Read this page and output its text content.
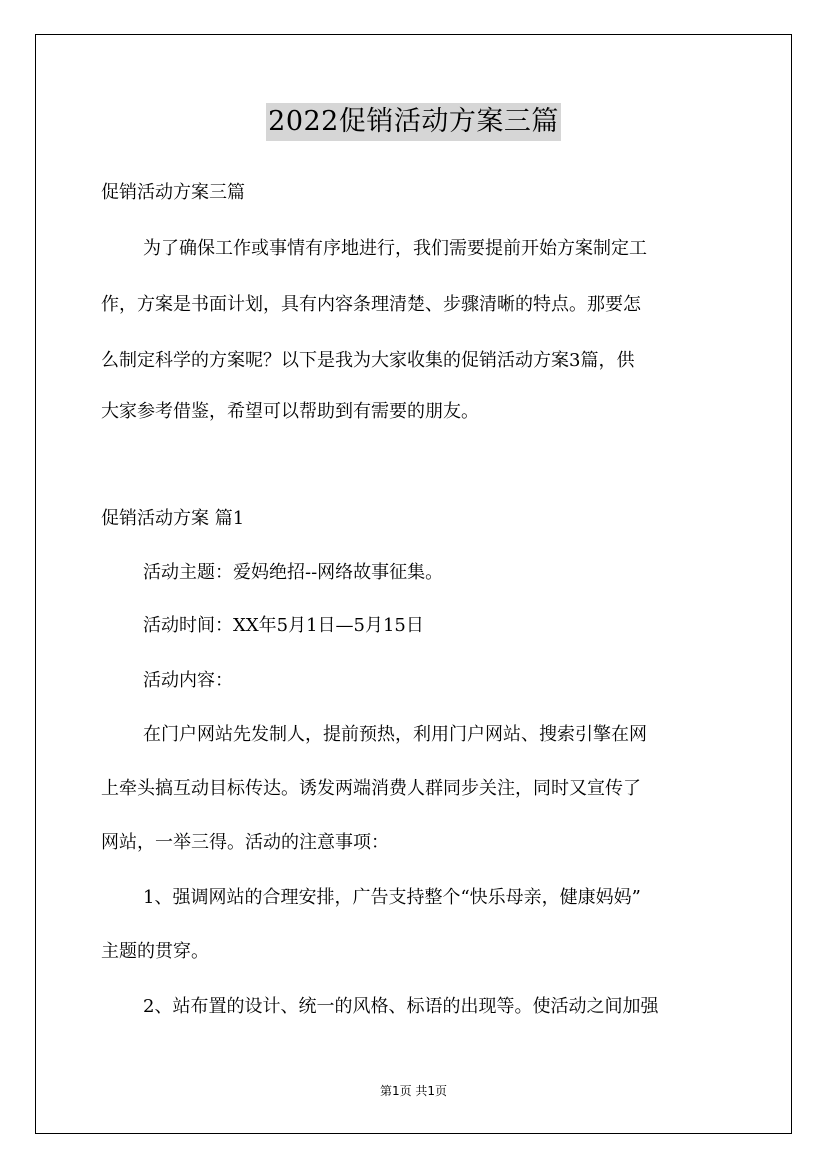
2022促销活动方案三篇
促销活动方案三篇
为了确保工作或事情有序地进行，我们需要提前开始方案制定工
作，方案是书面计划，具有内容条理清楚、步骤清晰的特点。那要怎
么制定科学的方案呢？以下是我为大家收集的促销活动方案3篇，供
大家参考借鉴，希望可以帮助到有需要的朋友。
促销活动方案 篇1
活动主题：爱妈绝招--网络故事征集。
活动时间：XX年5月1日—5月15日
活动内容：
在门户网站先发制人，提前预热，利用门户网站、搜索引擎在网
上牵头搞互动目标传达。诱发两端消费人群同步关注，同时又宣传了
网站，一举三得。活动的注意事项：
1、强调网站的合理安排，广告支持整个“快乐母亲，健康妈妈”
主题的贯穿。
2、站布置的设计、统一的风格、标语的出现等。使活动之间加强
第1页 共1页
